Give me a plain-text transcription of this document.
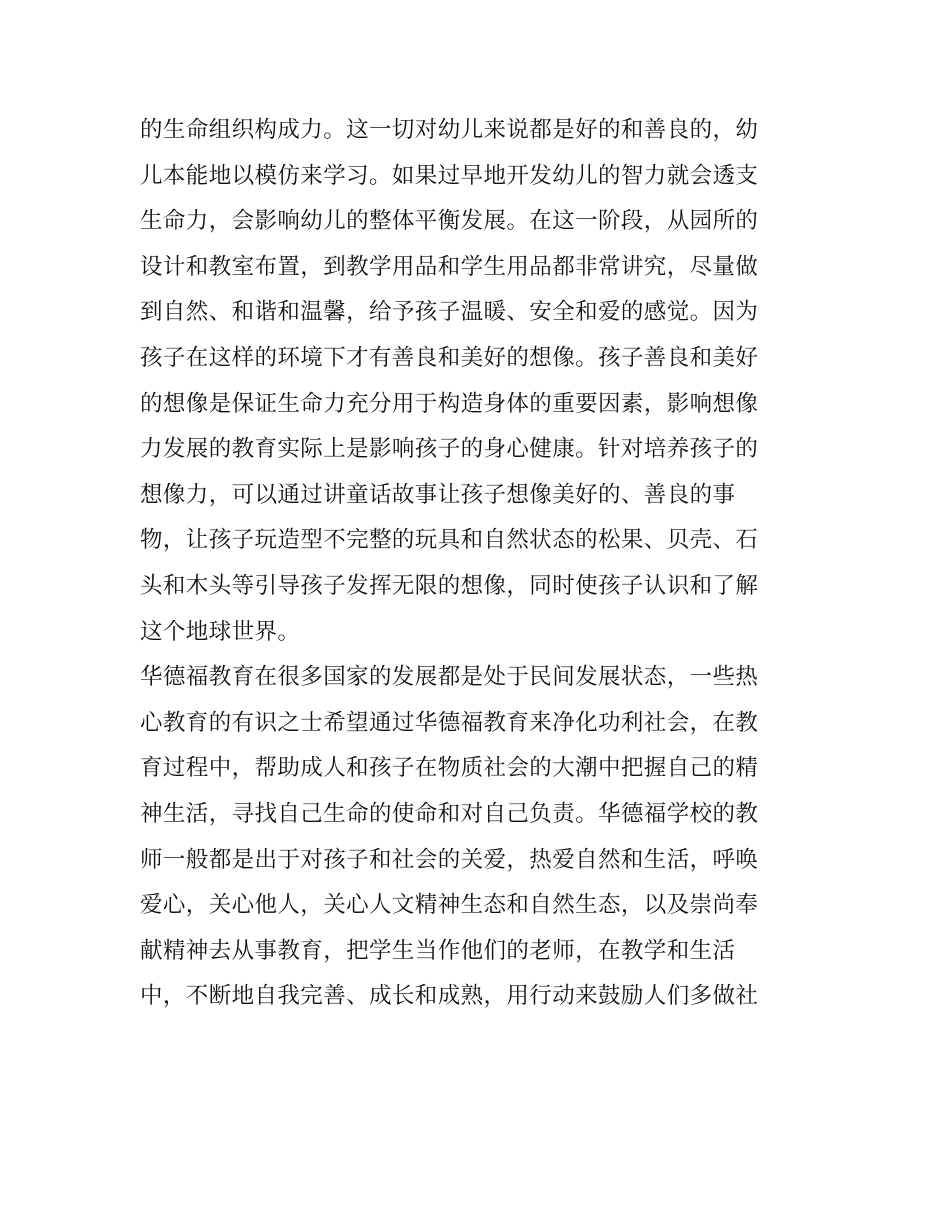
的生命组织构成力。这一切对幼儿来说都是好的和善良的，幼
儿本能地以模仿来学习。如果过早地开发幼儿的智力就会透支
生命力，会影响幼儿的整体平衡发展。在这一阶段，从园所的
设计和教室布置，到教学用品和学生用品都非常讲究，尽量做
到自然、和谐和温馨，给予孩子温暖、安全和爱的感觉。因为
孩子在这样的环境下才有善良和美好的想像。孩子善良和美好
的想像是保证生命力充分用于构造身体的重要因素，影响想像
力发展的教育实际上是影响孩子的身心健康。针对培养孩子的
想像力，可以通过讲童话故事让孩子想像美好的、善良的事
物，让孩子玩造型不完整的玩具和自然状态的松果、贝壳、石
头和木头等引导孩子发挥无限的想像，同时使孩子认识和了解
这个地球世界。
华德福教育在很多国家的发展都是处于民间发展状态，一些热
心教育的有识之士希望通过华德福教育来净化功利社会，在教
育过程中，帮助成人和孩子在物质社会的大潮中把握自己的精
神生活，寻找自己生命的使命和对自己负责。华德福学校的教
师一般都是出于对孩子和社会的关爱，热爱自然和生活，呼唤
爱心，关心他人，关心人文精神生态和自然生态，以及崇尚奉
献精神去从事教育，把学生当作他们的老师，在教学和生活
中，不断地自我完善、成长和成熟，用行动来鼓励人们多做社
